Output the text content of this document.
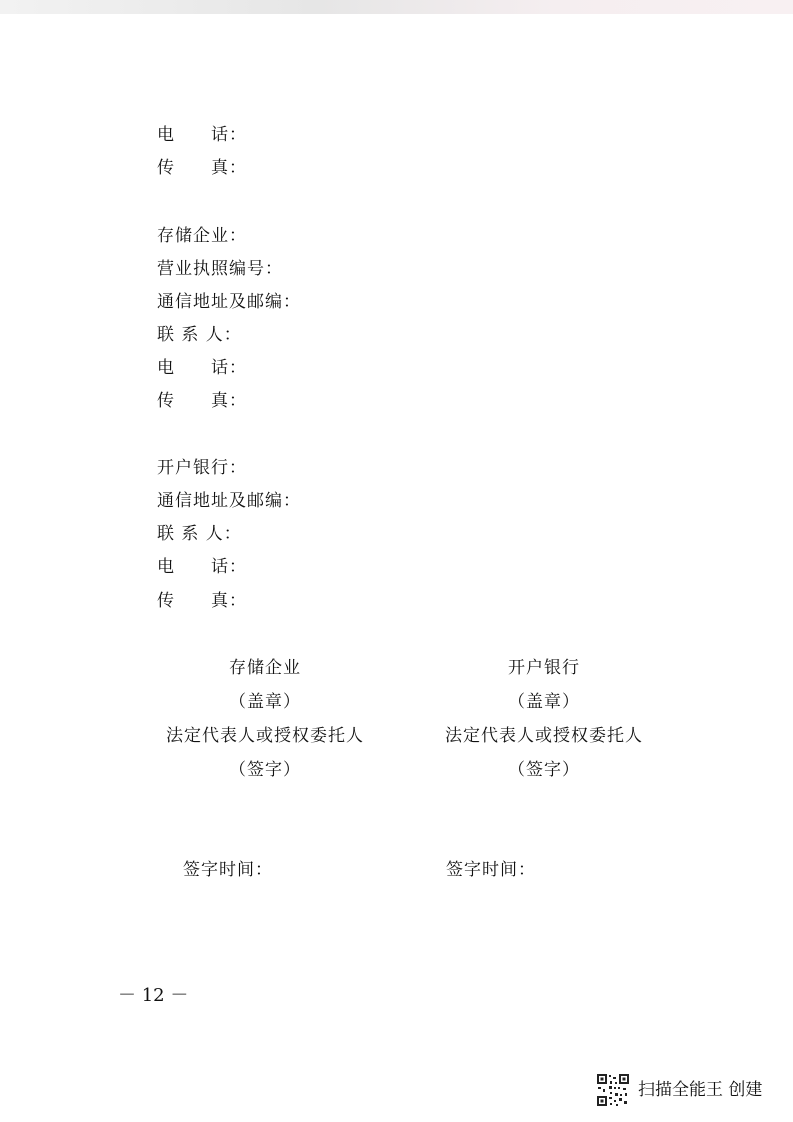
电　　话：
传　　真：
存储企业：
营业执照编号：
通信地址及邮编：
联 系 人：
电　　话：
传　　真：
开户银行：
通信地址及邮编：
联 系 人：
电　　话：
传　　真：
存储企业
（盖章）
法定代表人或授权委托人
（签字）
签字时间：
开户银行
（盖章）
法定代表人或授权委托人
（签字）
签字时间：
－ 12 －
扫描全能王 创建
